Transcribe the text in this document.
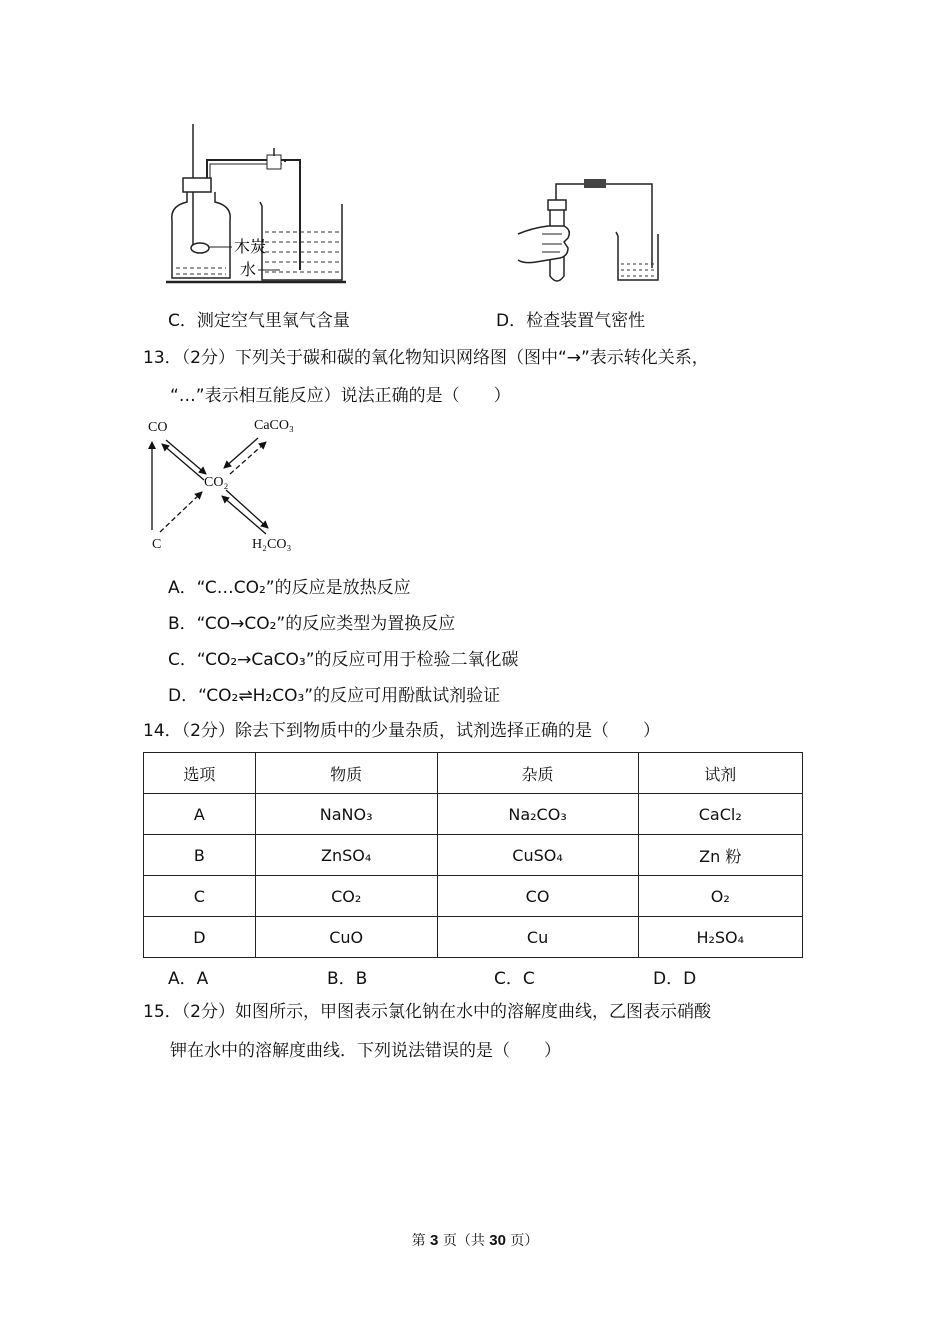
木炭
水
C．测定空气里氧气含量	D．检查装置气密性
13．（2分）下列关于碳和碳的氧化物知识网络图（图中“→”表示转化关系，
“…”表示相互能反应）说法正确的是（　　）
CO	CaCO₃
CO₂
C	H₂CO₃
A．“C…CO₂”的反应是放热反应
B．“CO→CO₂”的反应类型为置换反应
C．“CO₂→CaCO₃”的反应可用于检验二氧化碳
D．“CO₂⇌H₂CO₃”的反应可用酚酞试剂验证
14．（2分）除去下到物质中的少量杂质，试剂选择正确的是（　　）
选项	物质	杂质	试剂
A	NaNO₃	Na₂CO₃	CaCl₂
B	ZnSO₄	CuSO₄	Zn 粉
C	CO₂	CO	O₂
D	CuO	Cu	H₂SO₄
A．A	B．B	C．C	D．D
15．（2分）如图所示，甲图表示氯化钠在水中的溶解度曲线，乙图表示硝酸
钾在水中的溶解度曲线．下列说法错误的是（　　）
第 3 页（共 30 页）
